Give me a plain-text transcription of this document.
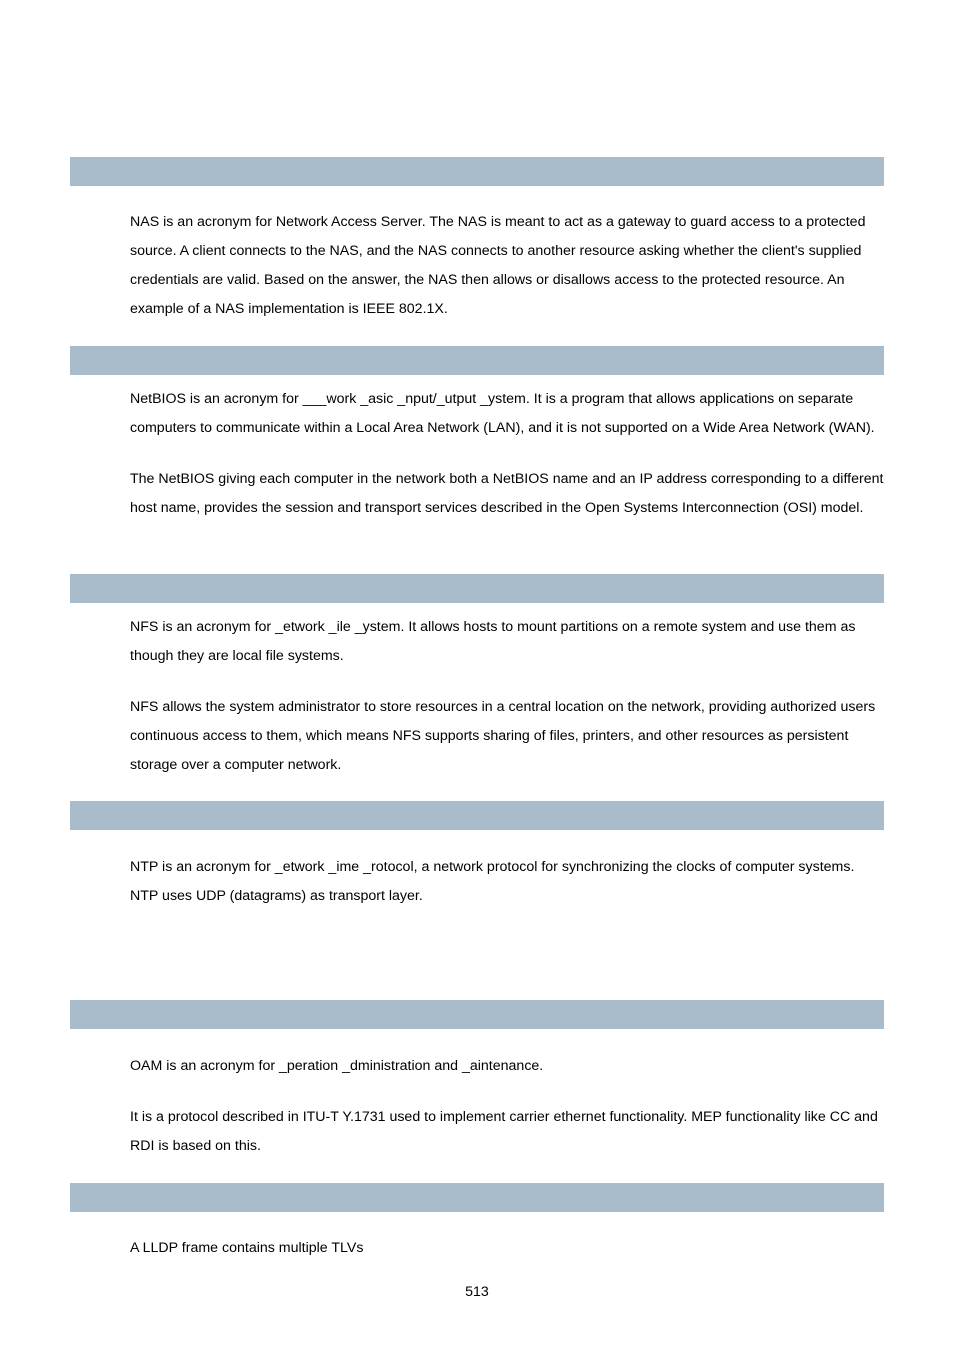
NAS is an acronym for Network Access Server. The NAS is meant to act as a gateway to guard access to a protected source. A client connects to the NAS, and the NAS connects to another resource asking whether the client's supplied credentials are valid. Based on the answer, the NAS then allows or disallows access to the protected resource. An example of a NAS implementation is IEEE 802.1X.

NetBIOS is an acronym for ___work _asic _nput/_utput _ystem. It is a program that allows applications on separate computers to communicate within a Local Area Network (LAN), and it is not supported on a Wide Area Network (WAN).

The NetBIOS giving each computer in the network both a NetBIOS name and an IP address corresponding to a different host name, provides the session and transport services described in the Open Systems Interconnection (OSI) model.

NFS is an acronym for _etwork _ile _ystem. It allows hosts to mount partitions on a remote system and use them as though they are local file systems.

NFS allows the system administrator to store resources in a central location on the network, providing authorized users continuous access to them, which means NFS supports sharing of files, printers, and other resources as persistent storage over a computer network.

NTP is an acronym for _etwork _ime _rotocol, a network protocol for synchronizing the clocks of computer systems. NTP uses UDP (datagrams) as transport layer.

OAM is an acronym for _peration _dministration and _aintenance.

It is a protocol described in ITU-T Y.1731 used to implement carrier ethernet functionality. MEP functionality like CC and RDI is based on this.

A LLDP frame contains multiple TLVs

513
